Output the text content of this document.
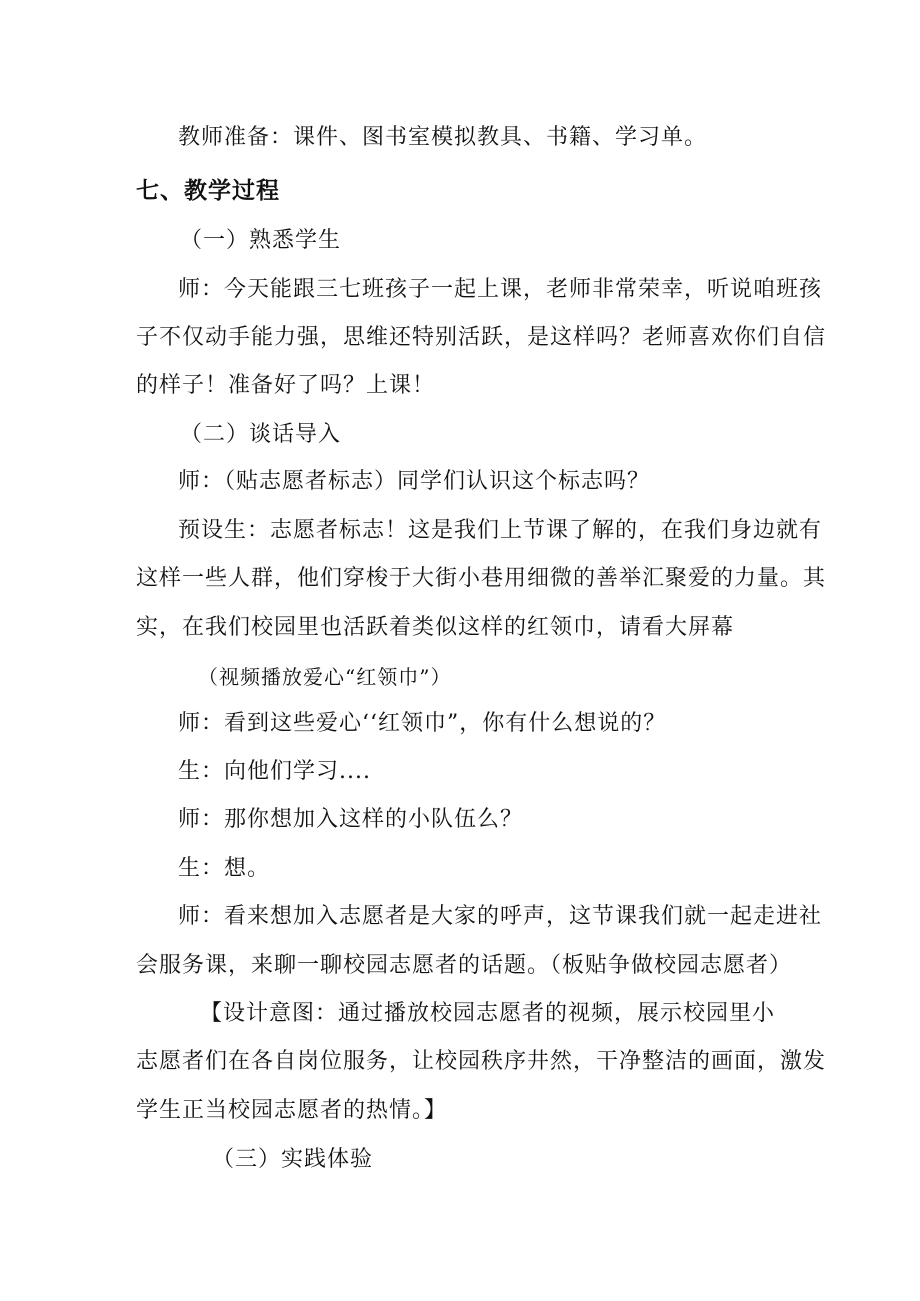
教师准备：课件、图书室模拟教具、书籍、学习单。
七、教学过程
（一）熟悉学生
师：今天能跟三七班孩子一起上课，老师非常荣幸，听说咱班孩
子不仅动手能力强，思维还特别活跃，是这样吗？老师喜欢你们自信
的样子！准备好了吗？上课！
（二）谈话导入
师：（贴志愿者标志）同学们认识这个标志吗？
预设生：志愿者标志！这是我们上节课了解的，在我们身边就有
这样一些人群，他们穿梭于大街小巷用细微的善举汇聚爱的力量。其
实，在我们校园里也活跃着类似这样的红领巾，请看大屏幕
（视频播放爱心“红领巾”）
师：看到这些爱心‘‘红领巾”，你有什么想说的？
生：向他们学习....
师：那你想加入这样的小队伍么？
生：想。
师：看来想加入志愿者是大家的呼声，这节课我们就一起走进社
会服务课，来聊一聊校园志愿者的话题。（板贴争做校园志愿者）
【设计意图：通过播放校园志愿者的视频，展示校园里小
志愿者们在各自岗位服务，让校园秩序井然，干净整洁的画面，激发
学生正当校园志愿者的热情。】
（三）实践体验
